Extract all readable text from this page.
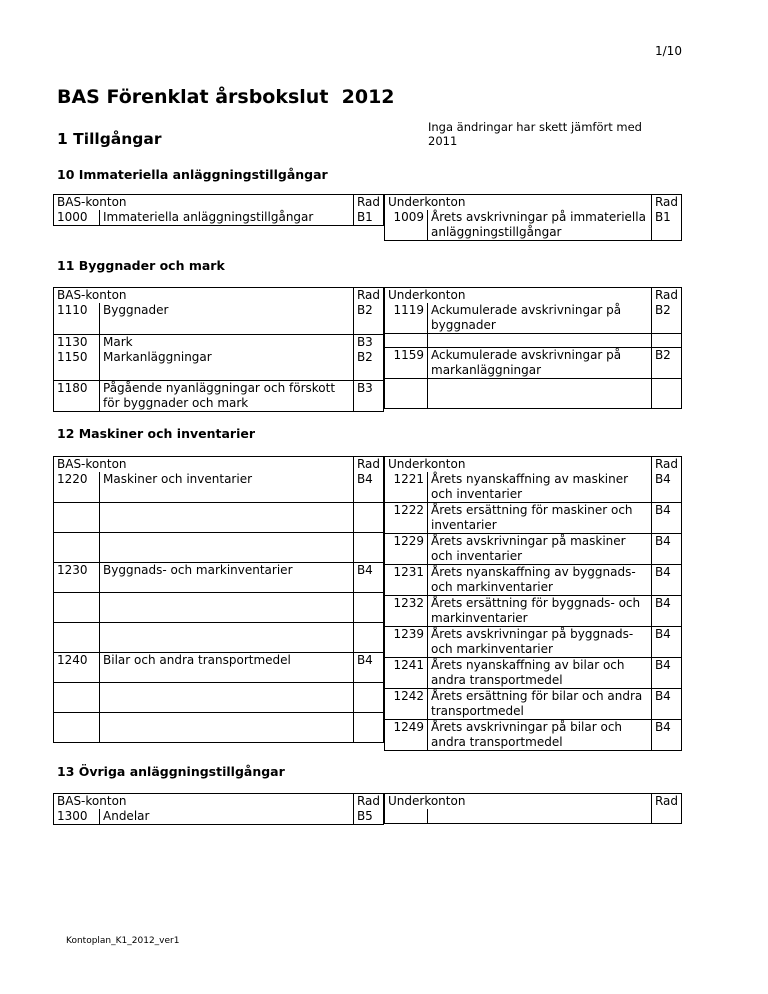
1/10
BAS Förenklat årsbokslut  2012
1 Tillgångar
Inga ändringar har skett jämfört med 2011
10 Immateriella anläggningstillgångar
BAS-konton		Rad
1000	Immateriella anläggningstillgångar	B1
Underkonton		Rad
1009	Årets avskrivningar på immateriella anläggningstillgångar	B1
11 Byggnader och mark
BAS-konton		Rad
1110	Byggnader	B2
1130	Mark	B3
1150	Markanläggningar	B2
1180	Pågående nyanläggningar och förskott för byggnader och mark	B3
Underkonton		Rad
1119	Ackumulerade avskrivningar på byggnader	B2

1159	Ackumulerade avskrivningar på markanläggningar	B2

12 Maskiner och inventarier
BAS-konton		Rad
1220	Maskiner och inventarier	B4

1230	Byggnads- och markinventarier	B4

1240	Bilar och andra transportmedel	B4

Underkonton		Rad
1221	Årets nyanskaffning av maskiner och inventarier	B4
1222	Årets ersättning för maskiner och inventarier	B4
1229	Årets avskrivningar på maskiner och inventarier	B4
1231	Årets nyanskaffning av byggnads- och markinventarier	B4
1232	Årets ersättning för byggnads- och markinventarier	B4
1239	Årets avskrivningar på byggnads- och markinventarier	B4
1241	Årets nyanskaffning av bilar och andra transportmedel	B4
1242	Årets ersättning för bilar och andra transportmedel	B4
1249	Årets avskrivningar på bilar och andra transportmedel	B4
13 Övriga anläggningstillgångar
BAS-konton		Rad
1300	Andelar	B5
Underkonton		Rad

Kontoplan_K1_2012_ver1
